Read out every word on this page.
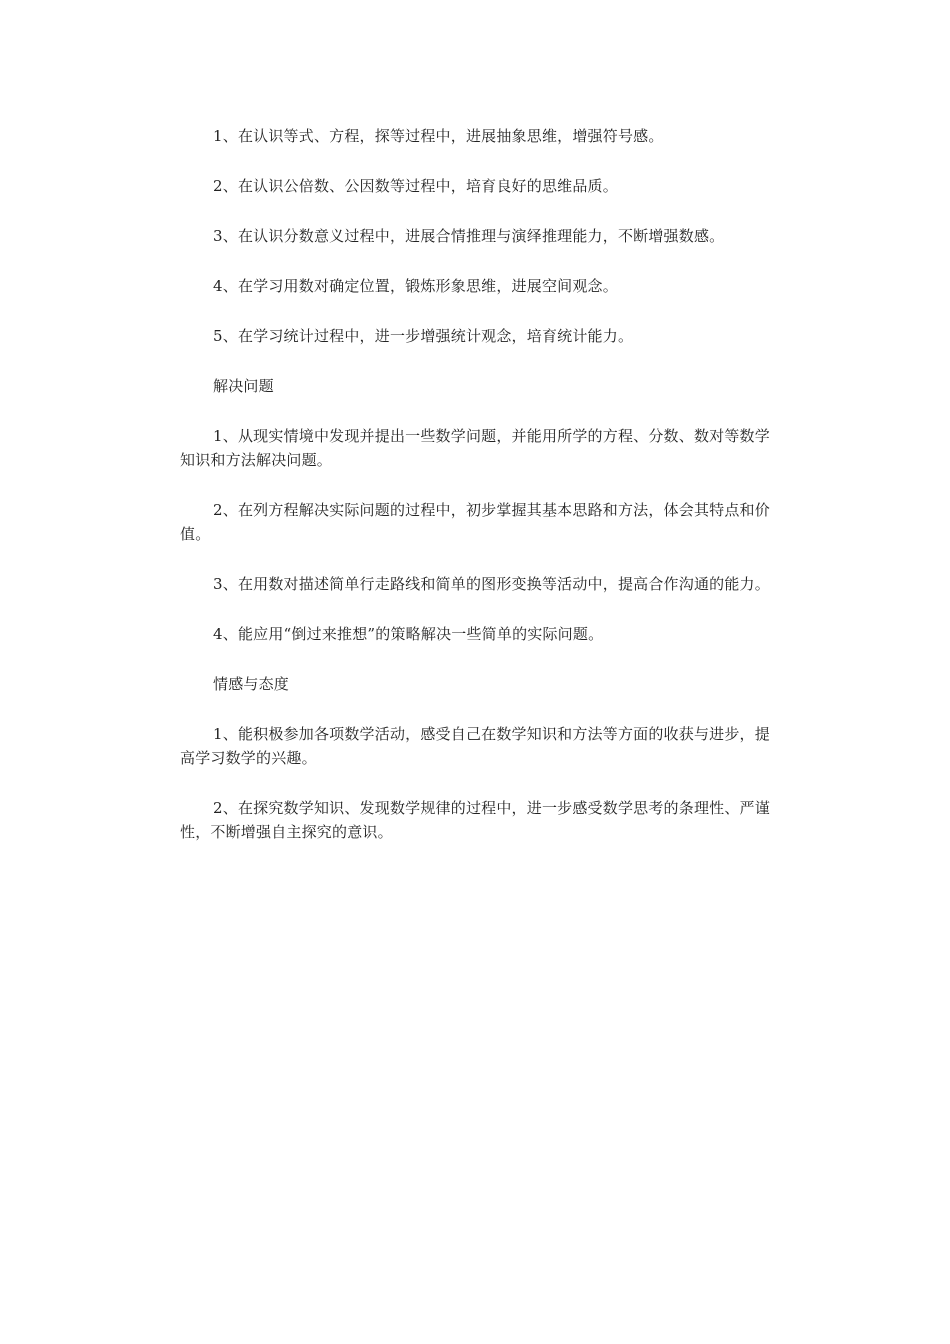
1、在认识等式、方程，探等过程中，进展抽象思维，增强符号感。

2、在认识公倍数、公因数等过程中，培育良好的思维品质。

3、在认识分数意义过程中，进展合情推理与演绎推理能力，不断增强数感。

4、在学习用数对确定位置，锻炼形象思维，进展空间观念。

5、在学习统计过程中，进一步增强统计观念，培育统计能力。

解决问题

1、从现实情境中发现并提出一些数学问题，并能用所学的方程、分数、数对等数学知识和方法解决问题。

2、在列方程解决实际问题的过程中，初步掌握其基本思路和方法，体会其特点和价值。

3、在用数对描述简单行走路线和简单的图形变换等活动中，提高合作沟通的能力。

4、能应用“倒过来推想”的策略解决一些简单的实际问题。

情感与态度

1、能积极参加各项数学活动，感受自己在数学知识和方法等方面的收获与进步，提高学习数学的兴趣。

2、在探究数学知识、发现数学规律的过程中，进一步感受数学思考的条理性、严谨性，不断增强自主探究的意识。
